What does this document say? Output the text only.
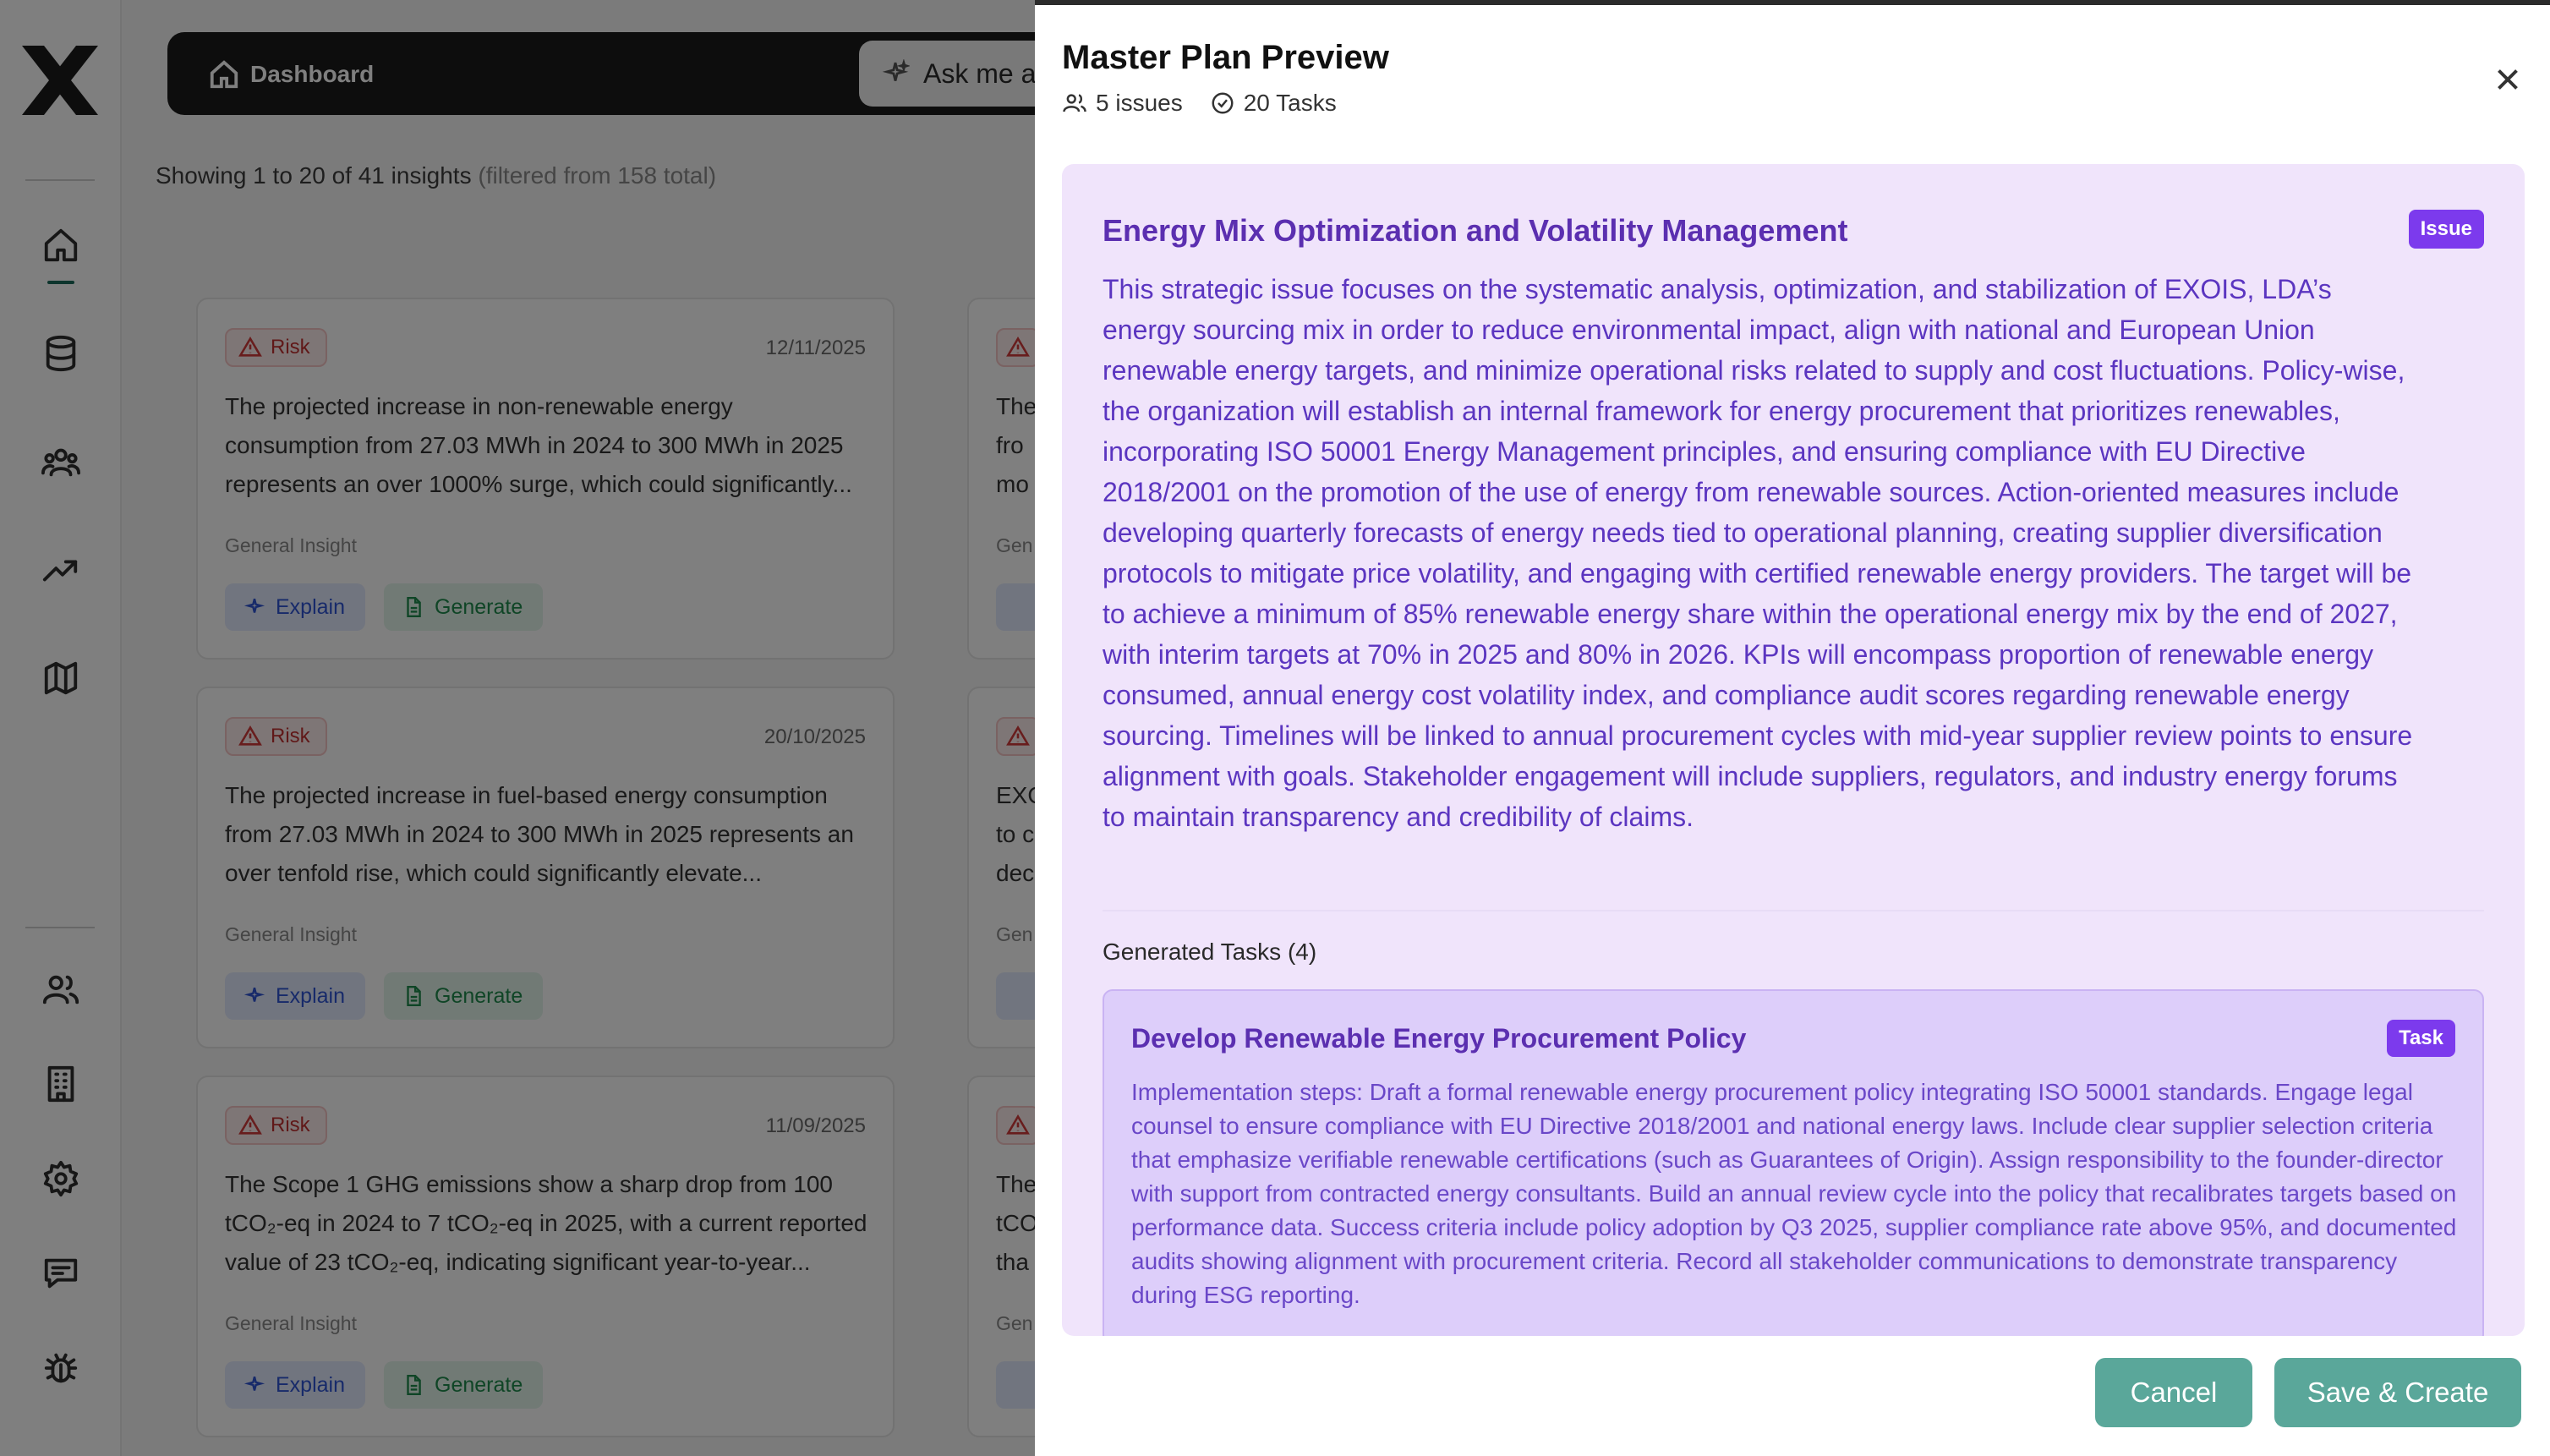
Master Plan Preview
5 issues	20 Tasks
Energy Mix Optimization and Volatility Management	Issue
This strategic issue focuses on the systematic analysis, optimization, and stabilization of EXOIS, LDA’s energy sourcing mix in order to reduce environmental impact, align with national and European Union renewable energy targets, and minimize operational risks related to supply and cost fluctuations. Policy-wise, the organization will establish an internal framework for energy procurement that prioritizes renewables, incorporating ISO 50001 Energy Management principles, and ensuring compliance with EU Directive 2018/2001 on the promotion of the use of energy from renewable sources. Action-oriented measures include developing quarterly forecasts of energy needs tied to operational planning, creating supplier diversification protocols to mitigate price volatility, and engaging with certified renewable energy providers. The target will be to achieve a minimum of 85% renewable energy share within the operational energy mix by the end of 2027, with interim targets at 70% in 2025 and 80% in 2026. KPIs will encompass proportion of renewable energy consumed, annual energy cost volatility index, and compliance audit scores regarding renewable energy sourcing. Timelines will be linked to annual procurement cycles with mid-year supplier review points to ensure alignment with goals. Stakeholder engagement will include suppliers, regulators, and industry energy forums to maintain transparency and credibility of claims.
Generated Tasks (4)
Develop Renewable Energy Procurement Policy	Task
Implementation steps: Draft a formal renewable energy procurement policy integrating ISO 50001 standards. Engage legal counsel to ensure compliance with EU Directive 2018/2001 and national energy laws. Include clear supplier selection criteria that emphasize verifiable renewable certifications (such as Guarantees of Origin). Assign responsibility to the founder-director with support from contracted energy consultants. Build an annual review cycle into the policy that recalibrates targets based on performance data. Success criteria include policy adoption by Q3 2025, supplier compliance rate above 95%, and documented audits showing alignment with procurement criteria. Record all stakeholder communications to demonstrate transparency during ESG reporting.
Cancel	Save & Create
